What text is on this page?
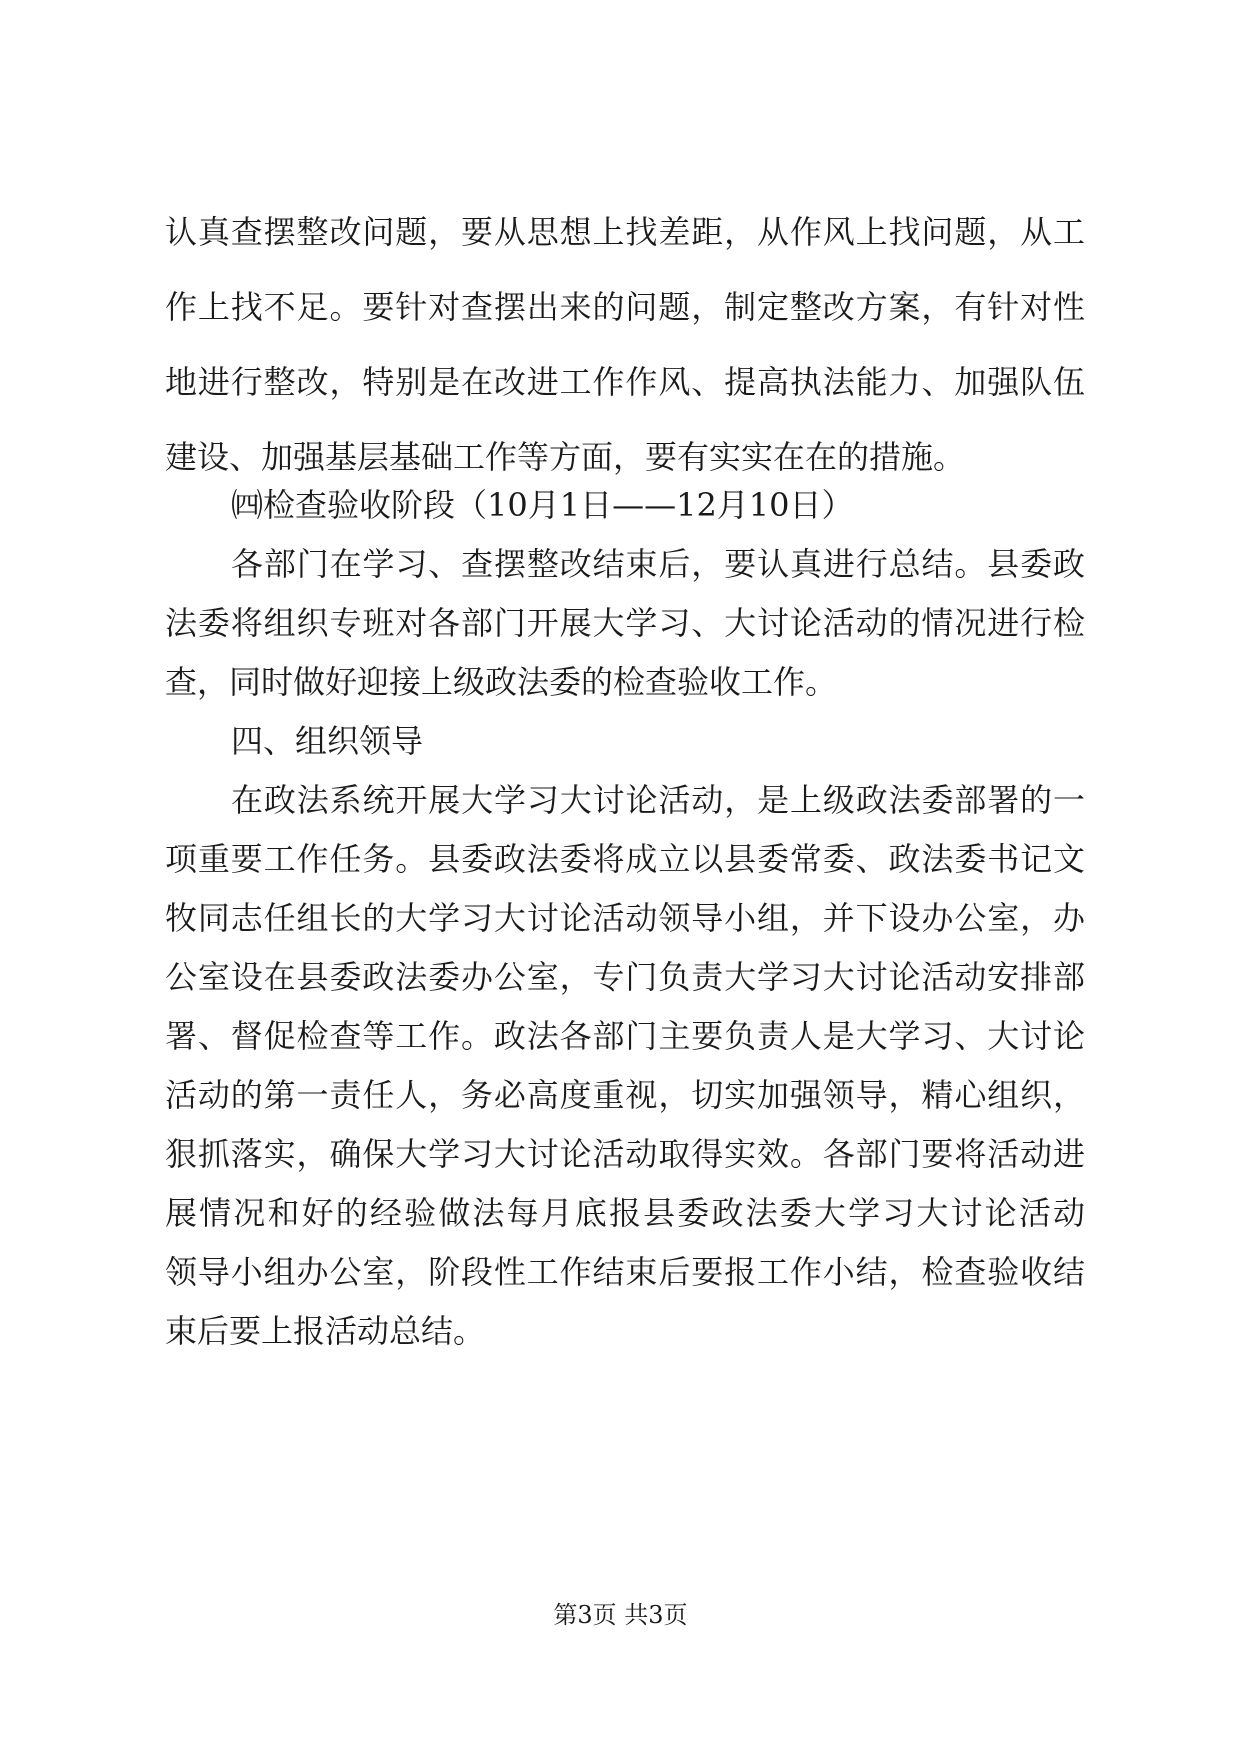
认真查摆整改问题，要从思想上找差距，从作风上找问题，从工
作上找不足。要针对查摆出来的问题，制定整改方案，有针对性
地进行整改，特别是在改进工作作风、提高执法能力、加强队伍
建设、加强基层基础工作等方面，要有实实在在的措施。
㈣检查验收阶段（10月1日——12月10日）
各部门在学习、查摆整改结束后，要认真进行总结。县委政
法委将组织专班对各部门开展大学习、大讨论活动的情况进行检
查，同时做好迎接上级政法委的检查验收工作。
四、组织领导
在政法系统开展大学习大讨论活动，是上级政法委部署的一
项重要工作任务。县委政法委将成立以县委常委、政法委书记文
牧同志任组长的大学习大讨论活动领导小组，并下设办公室，办
公室设在县委政法委办公室，专门负责大学习大讨论活动安排部
署、督促检查等工作。政法各部门主要负责人是大学习、大讨论
活动的第一责任人，务必高度重视，切实加强领导，精心组织，
狠抓落实，确保大学习大讨论活动取得实效。各部门要将活动进
展情况和好的经验做法每月底报县委政法委大学习大讨论活动
领导小组办公室，阶段性工作结束后要报工作小结，检查验收结
束后要上报活动总结。
第3页 共3页
